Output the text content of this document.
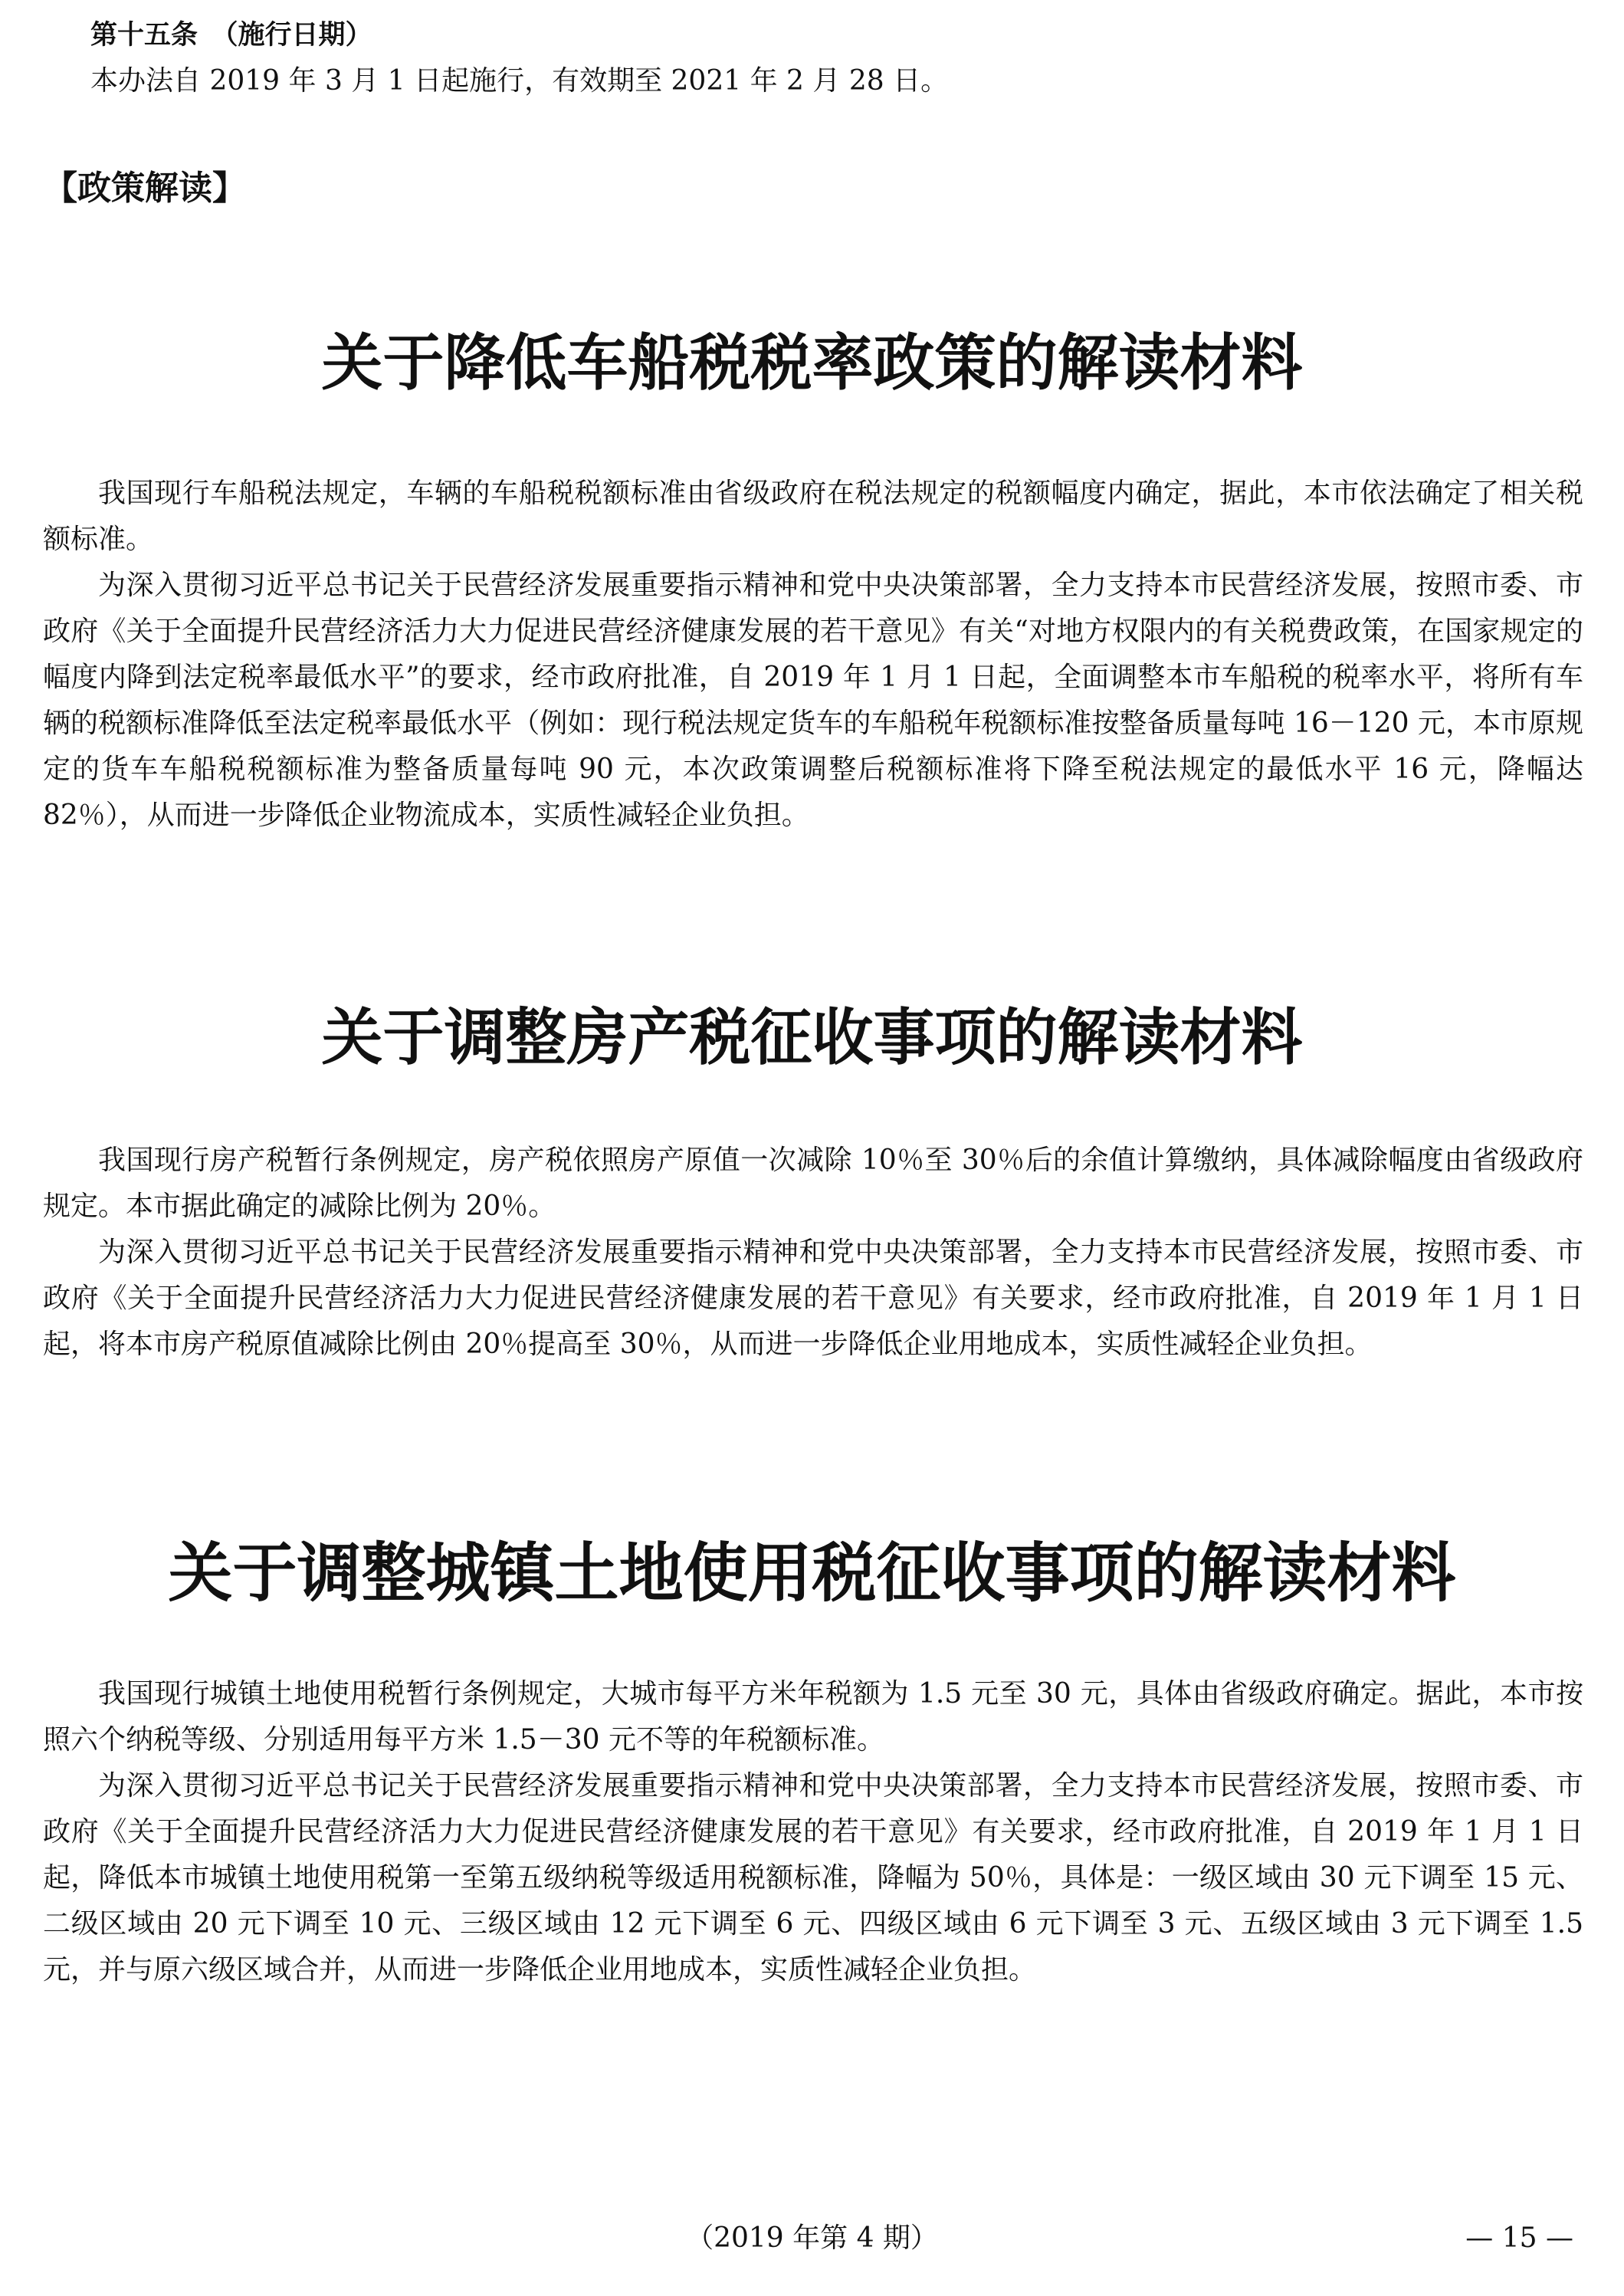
第十五条　（施行日期）
本办法自 2019 年 3 月 1 日起施行，有效期至 2021 年 2 月 28 日。
【政策解读】
关于降低车船税税率政策的解读材料

我国现行车船税法规定，车辆的车船税税额标准由省级政府在税法规定的税额幅度内确定，据此，本市依法确定了相关税额标准。

为深入贯彻习近平总书记关于民营经济发展重要指示精神和党中央决策部署，全力支持本市民营经济发展，按照市委、市政府《关于全面提升民营经济活力大力促进民营经济健康发展的若干意见》有关“对地方权限内的有关税费政策，在国家规定的幅度内降到法定税率最低水平”的要求，经市政府批准，自 2019 年 1 月 1 日起，全面调整本市车船税的税率水平，将所有车辆的税额标准降低至法定税率最低水平（例如：现行税法规定货车的车船税年税额标准按整备质量每吨 16－120 元，本市原规定的货车车船税税额标准为整备质量每吨 90 元，本次政策调整后税额标准将下降至税法规定的最低水平 16 元，降幅达 82％），从而进一步降低企业物流成本，实质性减轻企业负担。

关于调整房产税征收事项的解读材料

我国现行房产税暂行条例规定，房产税依照房产原值一次减除 10％至 30％后的余值计算缴纳，具体减除幅度由省级政府规定。本市据此确定的减除比例为 20％。

为深入贯彻习近平总书记关于民营经济发展重要指示精神和党中央决策部署，全力支持本市民营经济发展，按照市委、市政府《关于全面提升民营经济活力大力促进民营经济健康发展的若干意见》有关要求，经市政府批准，自 2019 年 1 月 1 日起，将本市房产税原值减除比例由 20％提高至 30％，从而进一步降低企业用地成本，实质性减轻企业负担。

关于调整城镇土地使用税征收事项的解读材料

我国现行城镇土地使用税暂行条例规定，大城市每平方米年税额为 1.5 元至 30 元，具体由省级政府确定。据此，本市按照六个纳税等级、分别适用每平方米 1.5－30 元不等的年税额标准。

为深入贯彻习近平总书记关于民营经济发展重要指示精神和党中央决策部署，全力支持本市民营经济发展，按照市委、市政府《关于全面提升民营经济活力大力促进民营经济健康发展的若干意见》有关要求，经市政府批准，自 2019 年 1 月 1 日起，降低本市城镇土地使用税第一至第五级纳税等级适用税额标准，降幅为 50％，具体是：一级区域由 30 元下调至 15 元、二级区域由 20 元下调至 10 元、三级区域由 12 元下调至 6 元、四级区域由 6 元下调至 3 元、五级区域由 3 元下调至 1.5 元，并与原六级区域合并，从而进一步降低企业用地成本，实质性减轻企业负担。

（2019 年第 4 期）	— 15 —
